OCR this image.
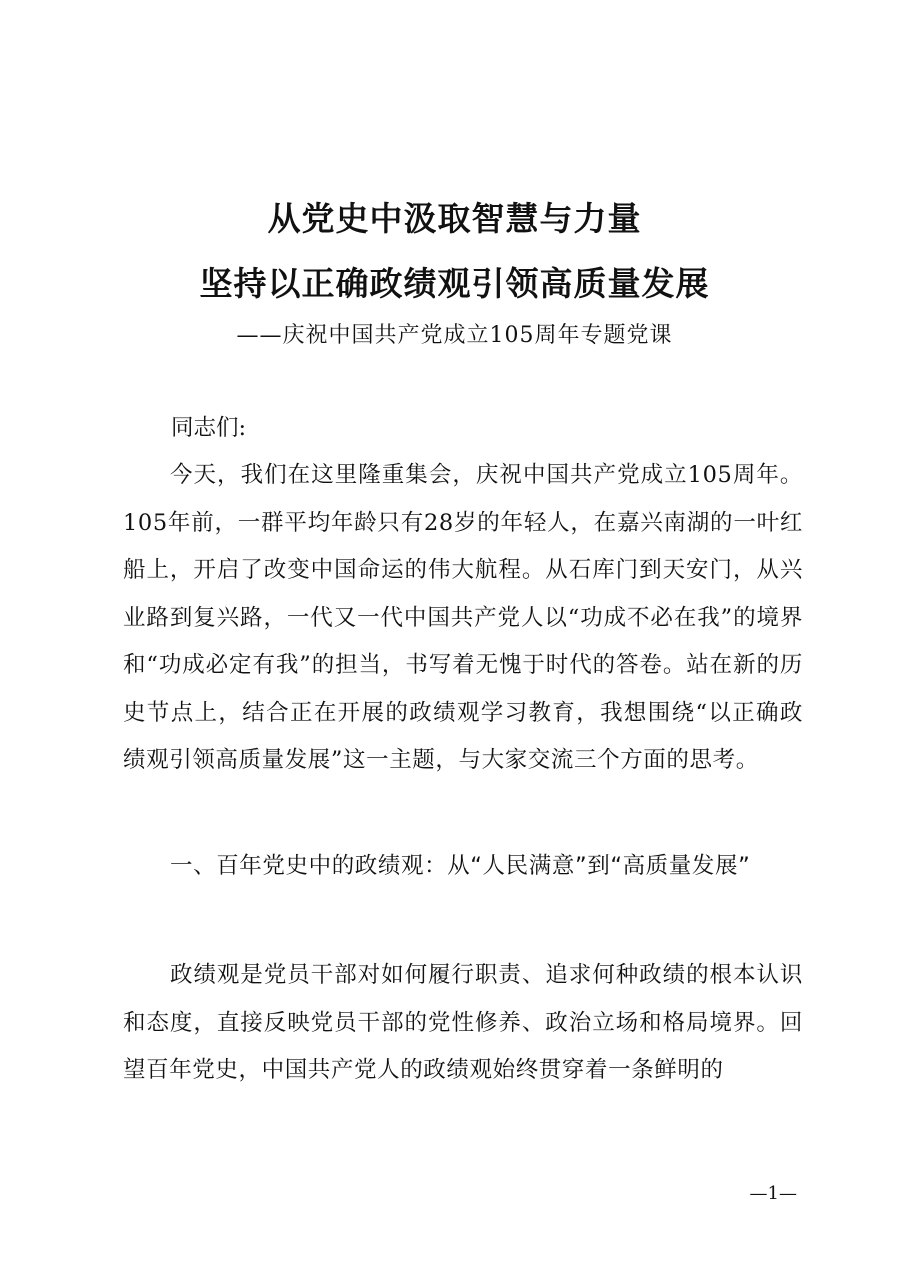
从党史中汲取智慧与力量
坚持以正确政绩观引领高质量发展
——庆祝中国共产党成立105周年专题党课
同志们:

今天，我们在这里隆重集会，庆祝中国共产党成立105周年。105年前，一群平均年龄只有28岁的年轻人，在嘉兴南湖的一叶红船上，开启了改变中国命运的伟大航程。从石库门到天安门，从兴业路到复兴路，一代又一代中国共产党人以“功成不必在我”的境界和“功成必定有我”的担当，书写着无愧于时代的答卷。站在新的历史节点上，结合正在开展的政绩观学习教育，我想围绕“以正确政绩观引领高质量发展”这一主题，与大家交流三个方面的思考。

一、百年党史中的政绩观：从“人民满意”到“高质量发展”

政绩观是党员干部对如何履行职责、追求何种政绩的根本认识和态度，直接反映党员干部的党性修养、政治立场和格局境界。回望百年党史，中国共产党人的政绩观始终贯穿着一条鲜明的

—1—
